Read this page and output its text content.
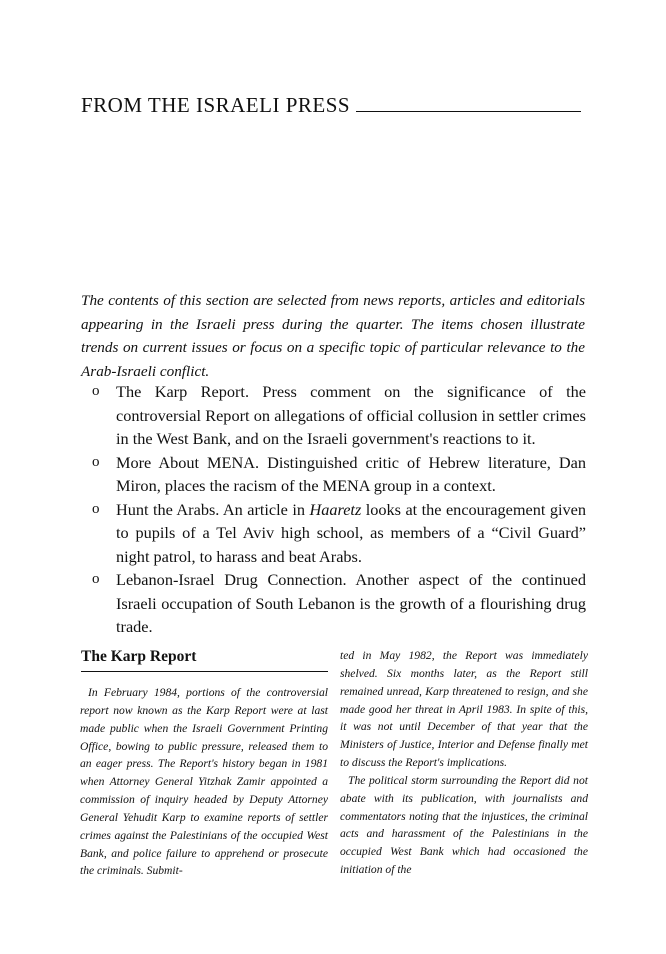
FROM THE ISRAELI PRESS

The contents of this section are selected from news reports, articles and editorials appearing in the Israeli press during the quarter. The items chosen illustrate trends on current issues or focus on a specific topic of particular relevance to the Arab-Israeli conflict.

o	The Karp Report. Press comment on the significance of the controversial Report on allegations of official collusion in settler crimes in the West Bank, and on the Israeli government's reactions to it.
o	More About MENA. Distinguished critic of Hebrew literature, Dan Miron, places the racism of the MENA group in a context.
o	Hunt the Arabs. An article in Haaretz looks at the encouragement given to pupils of a Tel Aviv high school, as members of a “Civil Guard” night patrol, to harass and beat Arabs.
o	Lebanon-Israel Drug Connection. Another aspect of the continued Israeli occupation of South Lebanon is the growth of a flourishing drug trade.
The Karp Report

In February 1984, portions of the controversial report now known as the Karp Report were at last made public when the Israeli Government Printing Office, bowing to public pressure, released them to an eager press. The Report's history began in 1981 when Attorney General Yitzhak Zamir appointed a commission of inquiry headed by Deputy Attorney General Yehudit Karp to examine reports of settler crimes against the Palestinians of the occupied West Bank, and police failure to apprehend or prosecute the criminals. Submit-

ted in May 1982, the Report was immediately shelved. Six months later, as the Report still remained unread, Karp threatened to resign, and she made good her threat in April 1983. In spite of this, it was not until December of that year that the Ministers of Justice, Interior and Defense finally met to discuss the Report's implications.
The political storm surrounding the Report did not abate with its publication, with journalists and commentators noting that the injustices, the criminal acts and harassment of the Palestinians in the occupied West Bank which had occasioned the initiation of the
